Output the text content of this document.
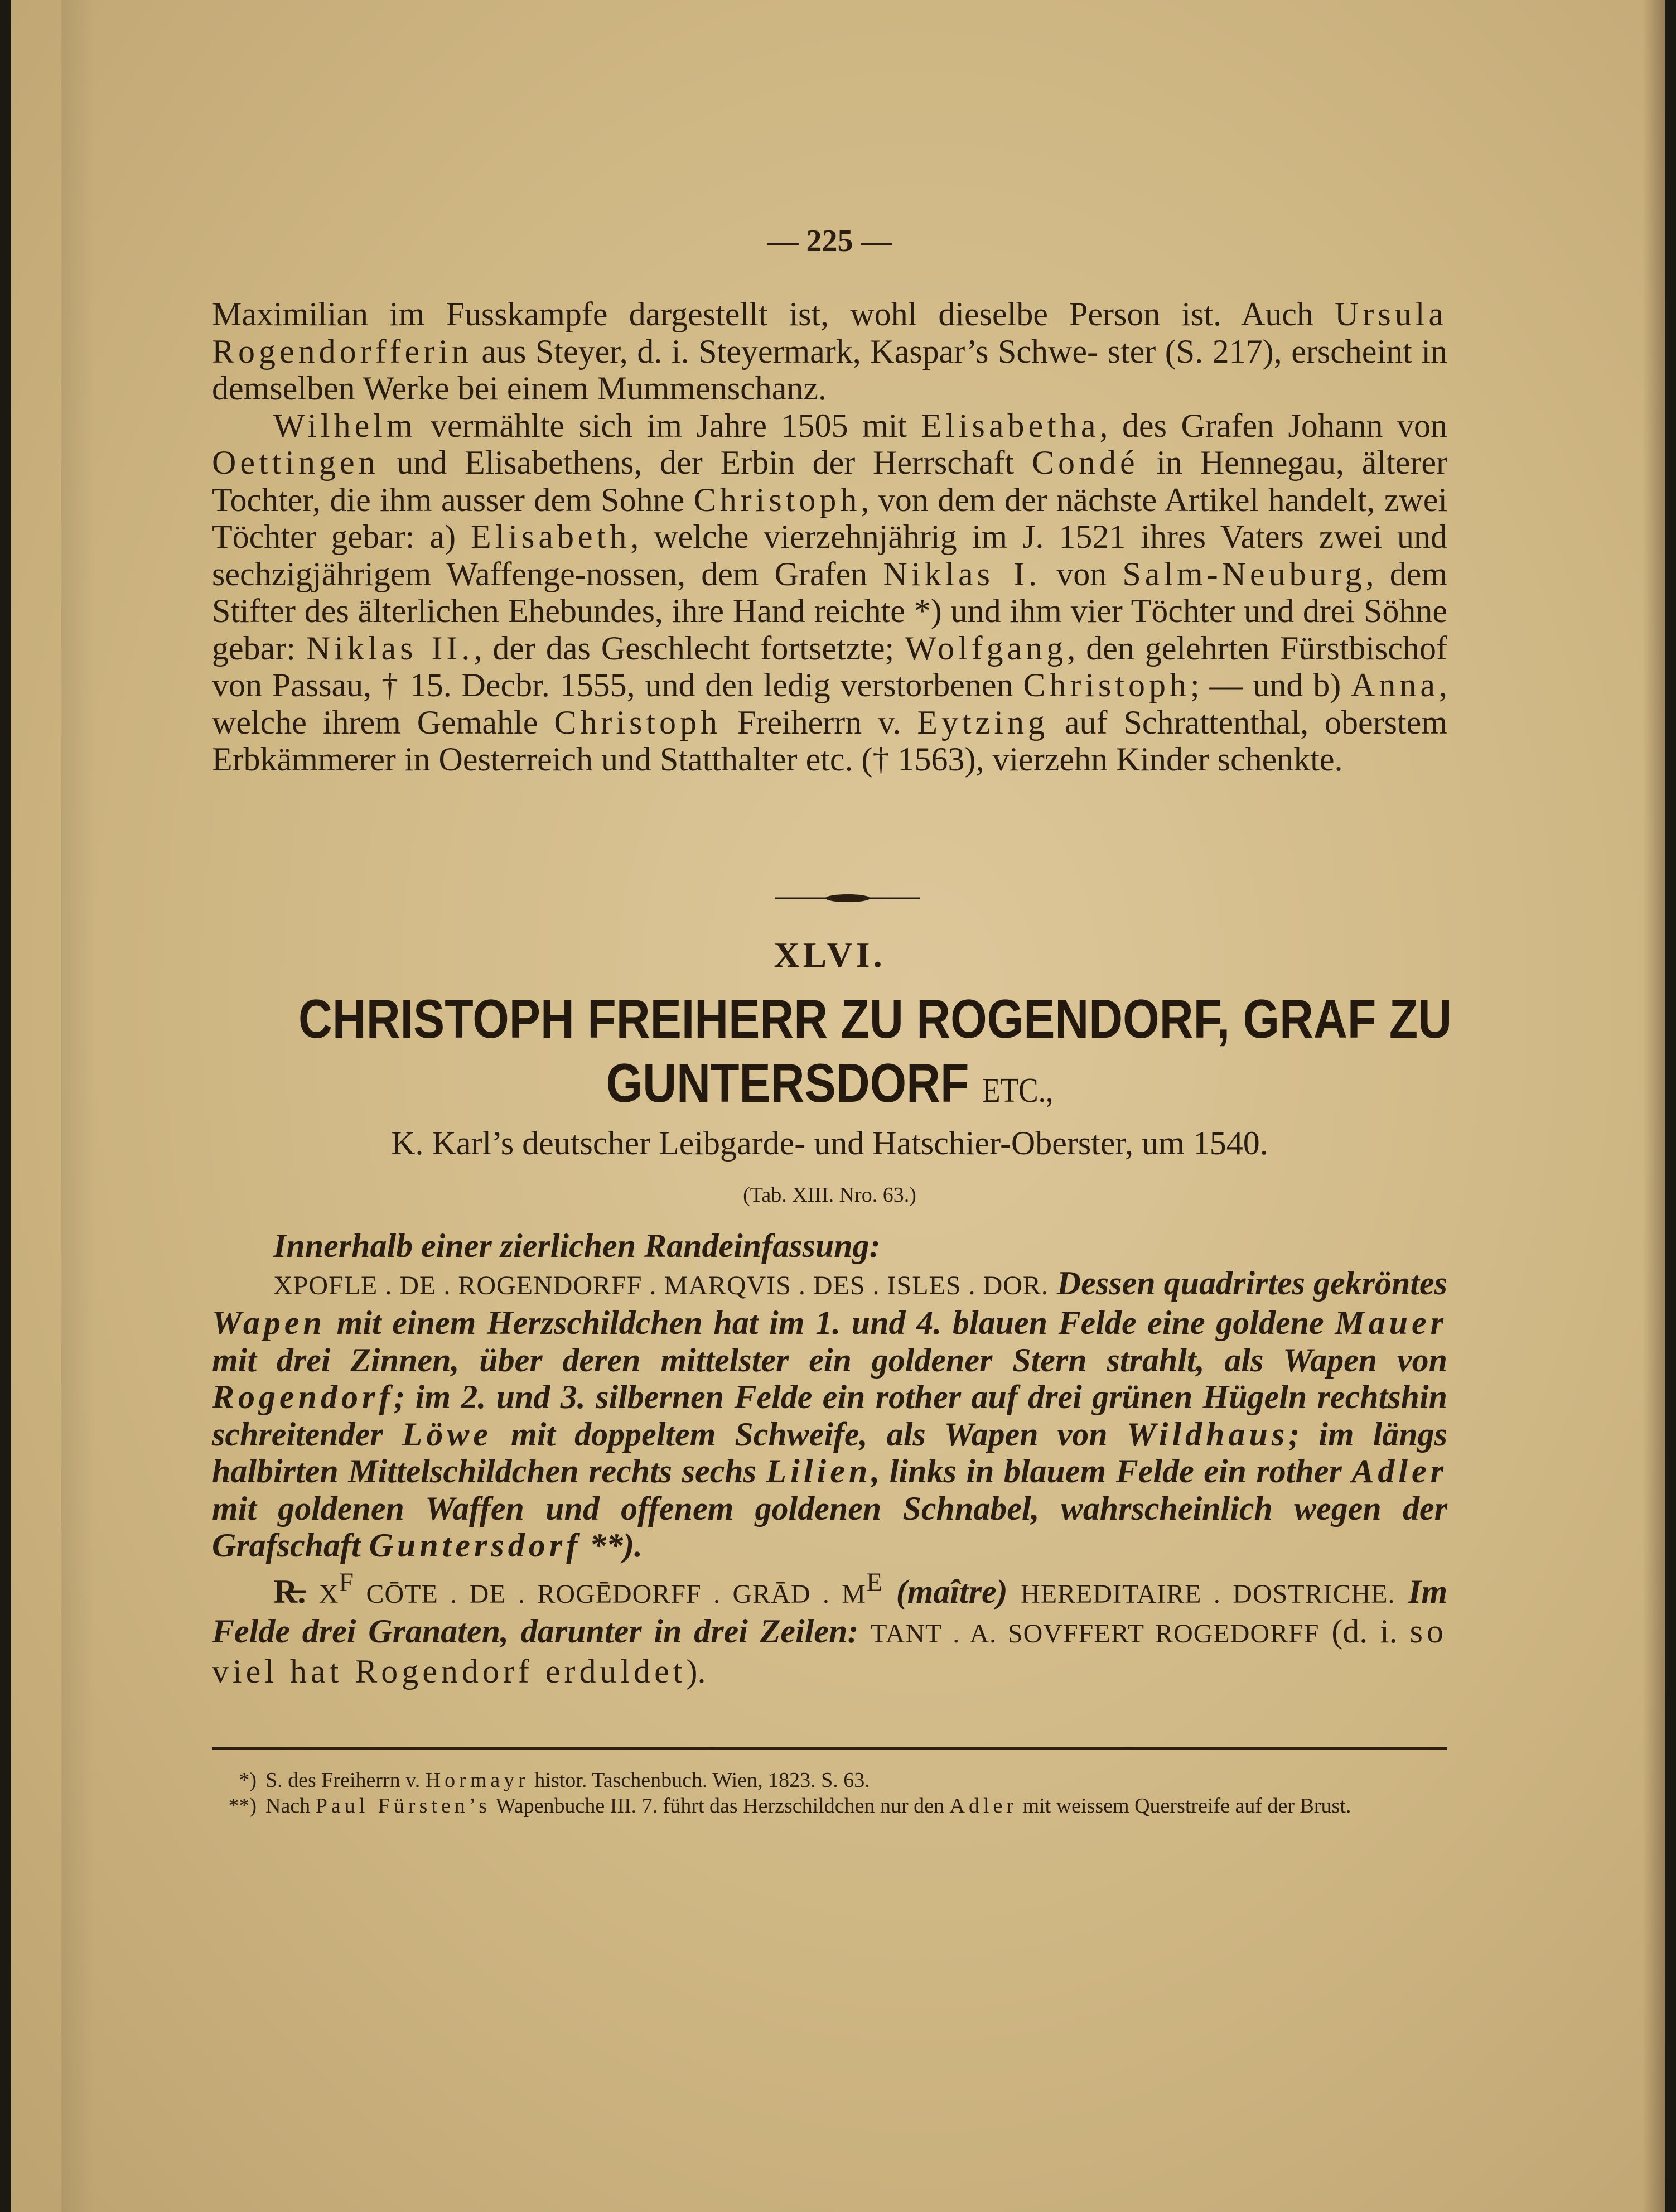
— 225 —

Maximilian im Fusskampfe dargestellt ist, wohl dieselbe Person ist. Auch Ursula Rogendorfferin aus Steyer, d. i. Steyermark, Kaspar’s Schwe- ster (S. 217), erscheint in demselben Werke bei einem Mummenschanz.

Wilhelm vermählte sich im Jahre 1505 mit Elisabetha, des Grafen Johann von Oettingen und Elisabethens, der Erbin der Herrschaft Condé in Hennegau, älterer Tochter, die ihm ausser dem Sohne Christoph, von dem der nächste Artikel handelt, zwei Töchter gebar: a) Elisabeth, welche vierzehnjährig im J. 1521 ihres Vaters zwei und sechzigjährigem Waffenge-nossen, dem Grafen Niklas I. von Salm-Neuburg, dem Stifter des älterlichen Ehebundes, ihre Hand reichte *) und ihm vier Töchter und drei Söhne gebar: Niklas II., der das Geschlecht fortsetzte; Wolfgang, den gelehrten Fürstbischof von Passau, † 15. Decbr. 1555, und den ledig verstorbenen Christoph; — und b) Anna, welche ihrem Gemahle Christoph Freiherrn v. Eytzing auf Schrattenthal, oberstem Erbkämmerer in Oesterreich und Statthalter etc. († 1563), vierzehn Kinder schenkte.

XLVI.
CHRISTOPH FREIHERR ZU ROGENDORF, GRAF ZU
GUNTERSDORF ETC.,
K. Karl’s deutscher Leibgarde- und Hatschier-Oberster, um 1540.
(Tab. XIII. Nro. 63.)

Innerhalb einer zierlichen Randeinfassung:

XPOFLE . DE . ROGENDORFF . MARQVIS . DES . ISLES . DOR. Dessen quadrirtes gekröntes Wapen mit einem Herzschildchen hat im 1. und 4. blauen Felde eine goldene Mauer mit drei Zinnen, über deren mittelster ein goldener Stern strahlt, als Wapen von Rogendorf; im 2. und 3. silbernen Felde ein rother auf drei grünen Hügeln rechtshin schreitender Löwe mit doppeltem Schweife, als Wapen von Wildhaus; im längs halbirten Mittelschildchen rechts sechs Lilien, links in blauem Felde ein rother Adler mit goldenen Waffen und offenem goldenen Schnabel, wahrscheinlich wegen der Grafschaft Guntersdorf **).

R̶. $X^F$ CŌTE . DE . ROGĒDORFF . GRĀD . $M^E$ (maître) HEREDITAIRE . DOSTRICHE. Im Felde drei Granaten, darunter in drei Zeilen: TANT . A. SOVFFERT ROGEDORFF (d. i. so viel hat Rogendorf erduldet).

*) S. des Freiherrn v. Hormayr histor. Taschenbuch. Wien, 1823. S. 63.

**) Nach Paul Fürsten’s Wapenbuche III. 7. führt das Herzschildchen nur den Adler mit weissem Querstreife auf der Brust.
